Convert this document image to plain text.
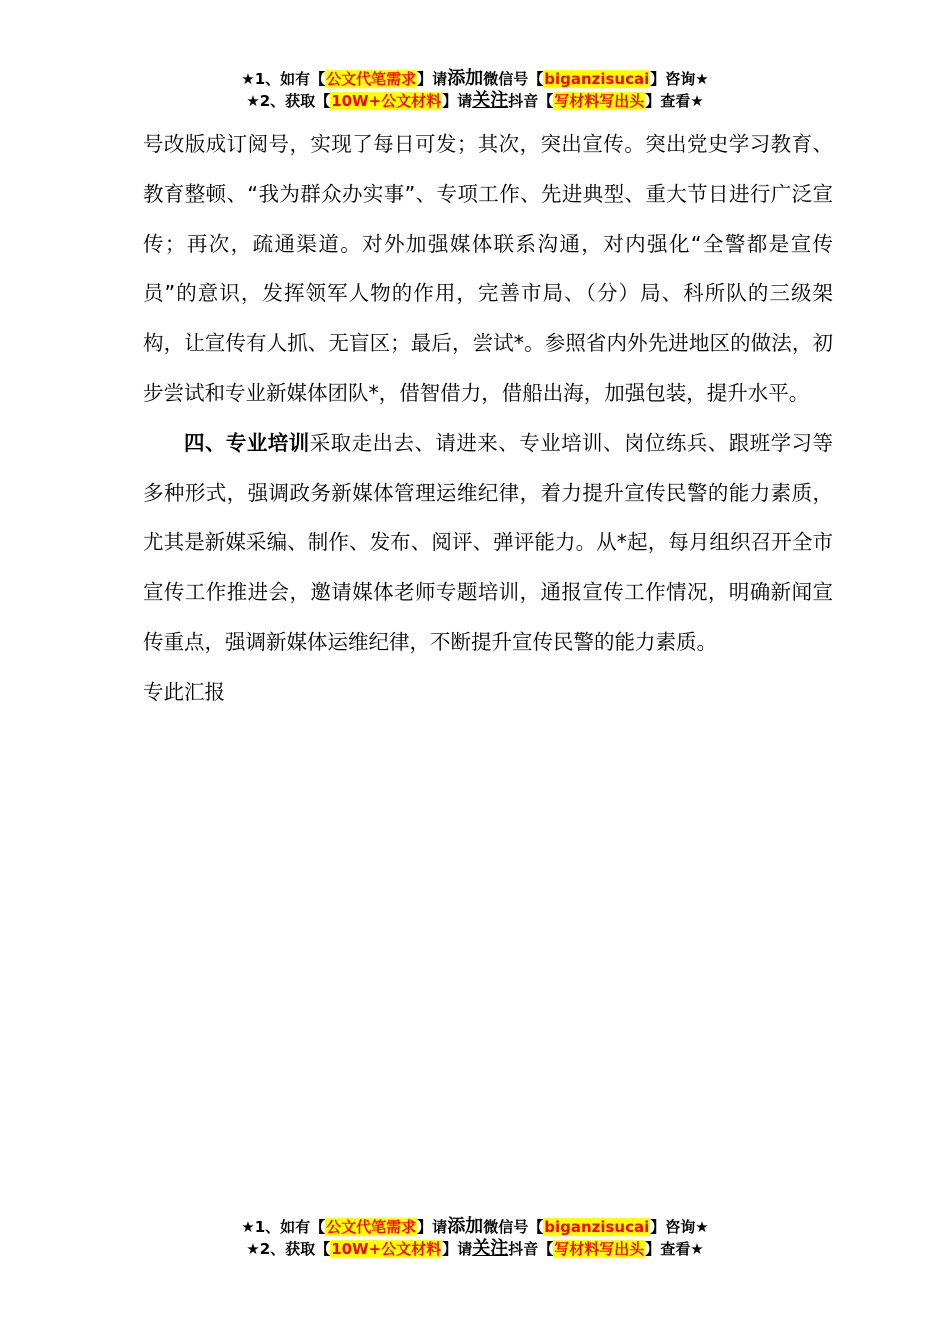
★1、如有【公文代笔需求】请添加微信号【biganzisucai】咨询★
★2、获取【10W+公文材料】请关注抖音【写材料写出头】查看★

号改版成订阅号，实现了每日可发；其次，突出宣传。突出党史学习教育、教育整顿、“我为群众办实事”、专项工作、先进典型、重大节日进行广泛宣传；再次，疏通渠道。对外加强媒体联系沟通，对内强化“全警都是宣传员”的意识，发挥领军人物的作用，完善市局、（分）局、科所队的三级架构，让宣传有人抓、无盲区；最后，尝试*。参照省内外先进地区的做法，初步尝试和专业新媒体团队*，借智借力，借船出海，加强包装，提升水平。

四、专业培训采取走出去、请进来、专业培训、岗位练兵、跟班学习等多种形式，强调政务新媒体管理运维纪律，着力提升宣传民警的能力素质，尤其是新媒采编、制作、发布、阅评、弹评能力。从*起，每月组织召开全市宣传工作推进会，邀请媒体老师专题培训，通报宣传工作情况，明确新闻宣传重点，强调新媒体运维纪律，不断提升宣传民警的能力素质。

专此汇报

★1、如有【公文代笔需求】请添加微信号【biganzisucai】咨询★
★2、获取【10W+公文材料】请关注抖音【写材料写出头】查看★
